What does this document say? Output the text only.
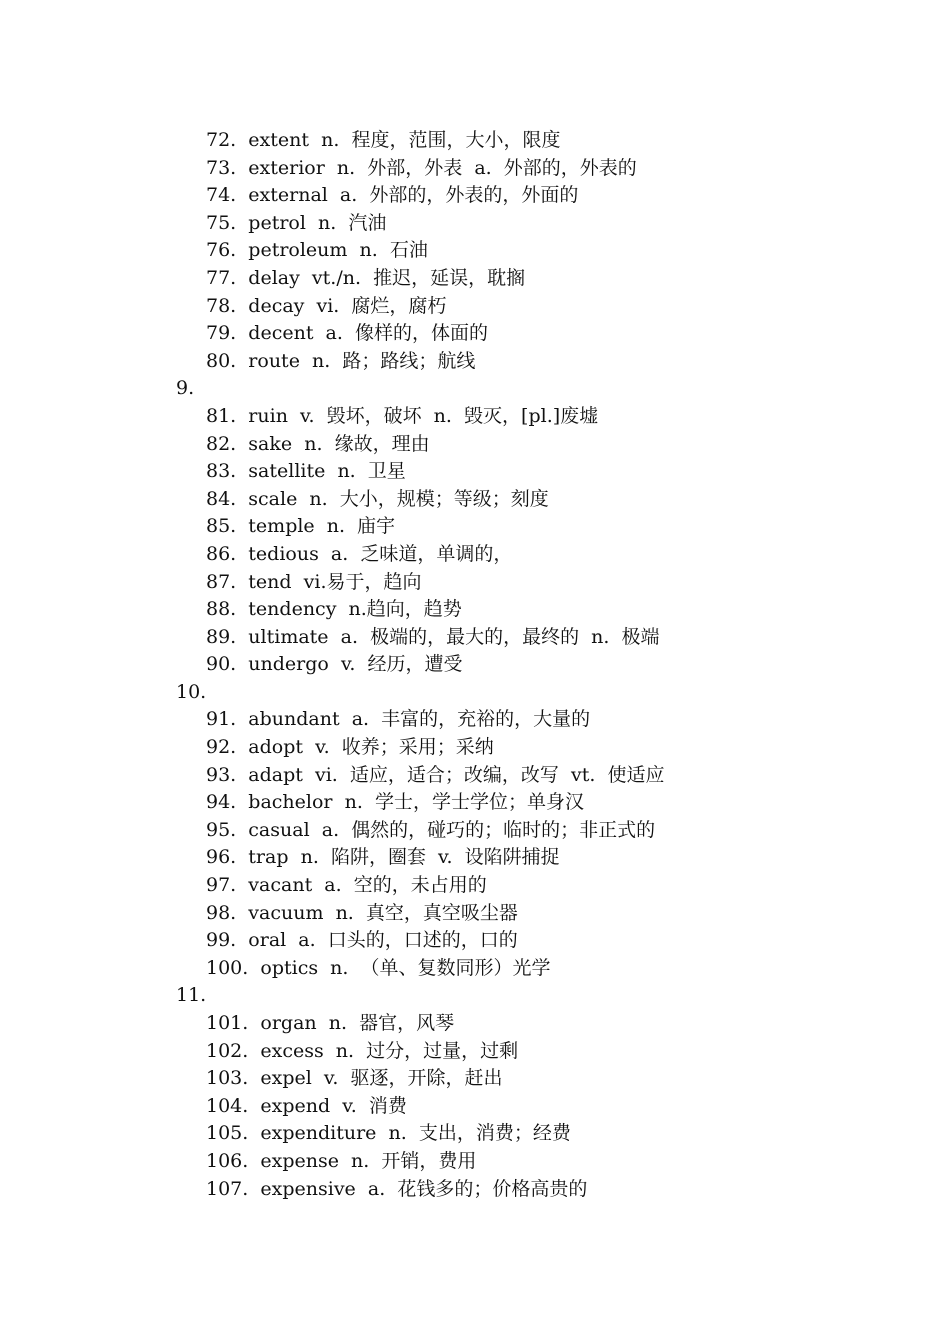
72.  extent  n.  程度，范围，大小，限度
73.  exterior  n.  外部，外表  a.  外部的，外表的
74.  external  a.  外部的，外表的，外面的
75.  petrol  n.  汽油
76.  petroleum  n.  石油
77.  delay  vt./n.  推迟，延误，耽搁
78.  decay  vi.  腐烂，腐朽
79.  decent  a.  像样的，体面的
80.  route  n.  路；路线；航线
9.
81.  ruin  v.  毁坏，破坏  n.  毁灭，[pl.]废墟
82.  sake  n.  缘故，理由
83.  satellite  n.  卫星
84.  scale  n.  大小，规模；等级；刻度
85.  temple  n.  庙宇
86.  tedious  a.  乏味道，单调的，
87.  tend  vi.易于，趋向
88.  tendency  n.趋向，趋势
89.  ultimate  a.  极端的，最大的，最终的  n.  极端
90.  undergo  v.  经历，遭受
10.
91.  abundant  a.  丰富的，充裕的，大量的
92.  adopt  v.  收养；采用；采纳
93.  adapt  vi.  适应，适合；改编，改写  vt.  使适应
94.  bachelor  n.  学士，学士学位；单身汉
95.  casual  a.  偶然的，碰巧的；临时的；非正式的
96.  trap  n.  陷阱，圈套  v.  设陷阱捕捉
97.  vacant  a.  空的，未占用的
98.  vacuum  n.  真空，真空吸尘器
99.  oral  a.  口头的，口述的，口的
100.  optics  n.  （单、复数同形）光学
11.
101.  organ  n.  器官，风琴
102.  excess  n.  过分，过量，过剩
103.  expel  v.  驱逐，开除，赶出
104.  expend  v.  消费
105.  expenditure  n.  支出，消费；经费
106.  expense  n.  开销，费用
107.  expensive  a.  花钱多的；价格高贵的
